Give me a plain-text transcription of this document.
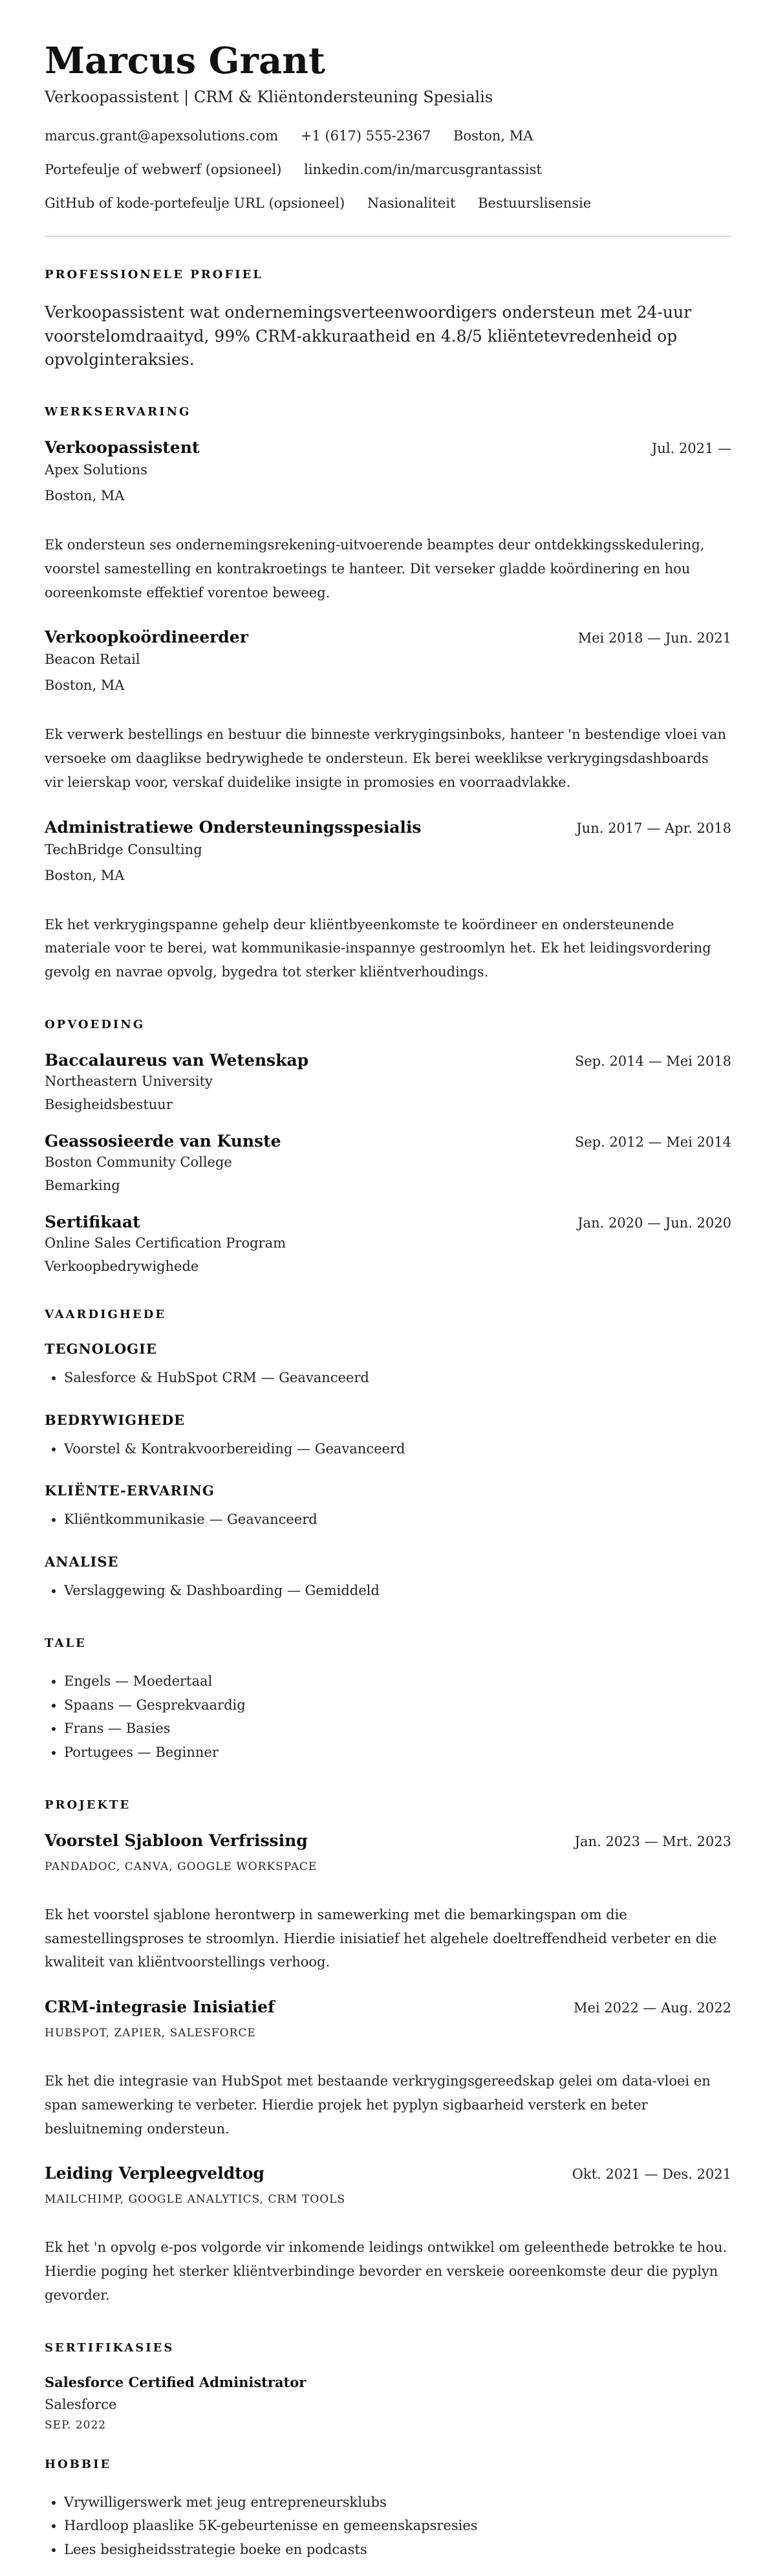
Marcus Grant
Verkoopassistent | CRM & Kliëntondersteuning Spesialis
marcus.grant@apexsolutions.com +1 (617) 555-2367 Boston, MA
Portefeulje of webwerf (opsioneel) linkedin.com/in/marcusgrantassist
GitHub of kode-portefeulje URL (opsioneel) Nasionaliteit Bestuurslisensie
PROFESSIONELE PROFIEL

Verkoopassistent wat ondernemingsverteenwoordigers ondersteun met 24-uur voorstelomdraaityd, 99% CRM-akkuraatheid en 4.8/5 kliëntetevredenheid op opvolginteraksies.

WERKSERVARING
Verkoopassistent	Jul. 2021 —
Apex Solutions
Boston, MA

Ek ondersteun ses ondernemingsrekening-uitvoerende beamptes deur ontdekkingsskedulering, voorstel samestelling en kontrakroetings te hanteer. Dit verseker gladde koördinering en hou ooreenkomste effektief vorentoe beweeg.

Verkoopkoördineerder	Mei 2018 — Jun. 2021
Beacon Retail
Boston, MA

Ek verwerk bestellings en bestuur die binneste verkrygingsinboks, hanteer 'n bestendige vloei van versoeke om daaglikse bedrywighede te ondersteun. Ek berei weeklikse verkrygingsdashboards vir leierskap voor, verskaf duidelike insigte in promosies en voorraadvlakke.

Administratiewe Ondersteuningsspesialis	Jun. 2017 — Apr. 2018
TechBridge Consulting
Boston, MA

Ek het verkrygingspanne gehelp deur kliëntbyeenkomste te koördineer en ondersteunende materiale voor te berei, wat kommunikasie-inspannye gestroomlyn het. Ek het leidingsvordering gevolg en navrae opvolg, bygedra tot sterker kliëntverhoudings.

OPVOEDING
Baccalaureus van Wetenskap	Sep. 2014 — Mei 2018
Northeastern University
Besigheidsbestuur
Geassosieerde van Kunste	Sep. 2012 — Mei 2014
Boston Community College
Bemarking
Sertifikaat	Jan. 2020 — Jun. 2020
Online Sales Certification Program
Verkoopbedrywighede
VAARDIGHEDE
TEGNOLOGIE
• Salesforce & HubSpot CRM — Geavanceerd
BEDRYWIGHEDE
• Voorstel & Kontrakvoorbereiding — Geavanceerd
KLIËNTE-ERVARING
• Kliëntkommunikasie — Geavanceerd
ANALISE
• Verslaggewing & Dashboarding — Gemiddeld
TALE
• Engels — Moedertaal
• Spaans — Gesprekvaardig
• Frans — Basies
• Portugees — Beginner
PROJEKTE
Voorstel Sjabloon Verfrissing	Jan. 2023 — Mrt. 2023
PANDADOC, CANVA, GOOGLE WORKSPACE

Ek het voorstel sjablone herontwerp in samewerking met die bemarkingspan om die samestellingsproses te stroomlyn. Hierdie inisiatief het algehele doeltreffendheid verbeter en die kwaliteit van kliëntvoorstellings verhoog.

CRM-integrasie Inisiatief	Mei 2022 — Aug. 2022
HUBSPOT, ZAPIER, SALESFORCE

Ek het die integrasie van HubSpot met bestaande verkrygingsgereedskap gelei om data-vloei en span samewerking te verbeter. Hierdie projek het pyplyn sigbaarheid versterk en beter besluitneming ondersteun.

Leiding Verpleegveldtog	Okt. 2021 — Des. 2021
MAILCHIMP, GOOGLE ANALYTICS, CRM TOOLS

Ek het 'n opvolg e-pos volgorde vir inkomende leidings ontwikkel om geleenthede betrokke te hou. Hierdie poging het sterker kliëntverbindinge bevorder en verskeie ooreenkomste deur die pyplyn gevorder.

SERTIFIKASIES
Salesforce Certified Administrator
Salesforce
SEP. 2022
HOBBIE
• Vrywilligerswerk met jeug entrepreneursklubs
• Hardloop plaaslike 5K-gebeurtenisse en gemeenskapsresies
• Lees besigheidsstrategie boeke en podcasts
